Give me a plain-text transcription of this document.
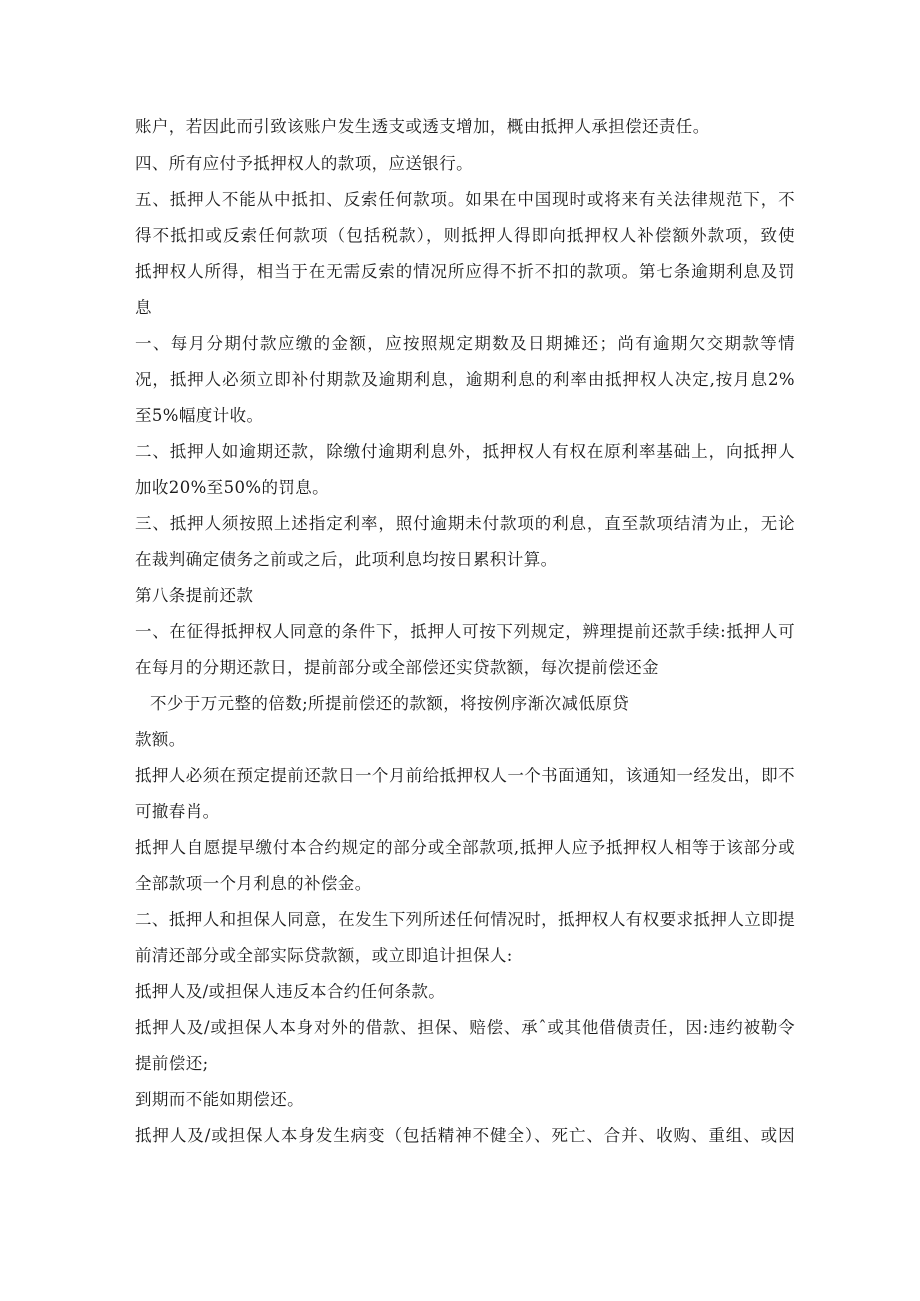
账户，若因此而引致该账户发生透支或透支增加，概由抵押人承担偿还责任。
四、所有应付予抵押权人的款项，应送银行。
五、抵押人不能从中抵扣、反索任何款项。如果在中国现时或将来有关法律规范下，不
得不抵扣或反索任何款项（包括税款），则抵押人得即向抵押权人补偿额外款项，致使
抵押权人所得，相当于在无需反索的情况所应得不折不扣的款项。第七条逾期利息及罚
息
一、每月分期付款应缴的金额，应按照规定期数及日期摊还；尚有逾期欠交期款等情
况，抵押人必须立即补付期款及逾期利息，逾期利息的利率由抵押权人决定,按月息2%
至5%幅度计收。
二、抵押人如逾期还款，除缴付逾期利息外，抵押权人有权在原利率基础上，向抵押人
加收20%至50%的罚息。
三、抵押人须按照上述指定利率，照付逾期未付款项的利息，直至款项结清为止，无论
在裁判确定债务之前或之后，此项利息均按日累积计算。
第八条提前还款
一、在征得抵押权人同意的条件下，抵押人可按下列规定，辨理提前还款手续:抵押人可
在每月的分期还款日，提前部分或全部偿还实贷款额，每次提前偿还金
不少于万元整的倍数;所提前偿还的款额，将按例序渐次减低原贷
款额。
抵押人必须在预定提前还款日一个月前给抵押权人一个书面通知，该通知一经发出，即不
可撤春肖。
抵押人自愿提早缴付本合约规定的部分或全部款项,抵押人应予抵押权人相等于该部分或
全部款项一个月利息的补偿金。
二、抵押人和担保人同意，在发生下列所述任何情况时，抵押权人有权要求抵押人立即提
前清还部分或全部实际贷款额，或立即追计担保人:
抵押人及/或担保人违反本合约任何条款。
抵押人及/或担保人本身对外的借款、担保、赔偿、承ˆ或其他借债责任，因:违约被勒令
提前偿还;
到期而不能如期偿还。
抵押人及/或担保人本身发生病变（包括精神不健全）、死亡、合并、收购、重组、或因
